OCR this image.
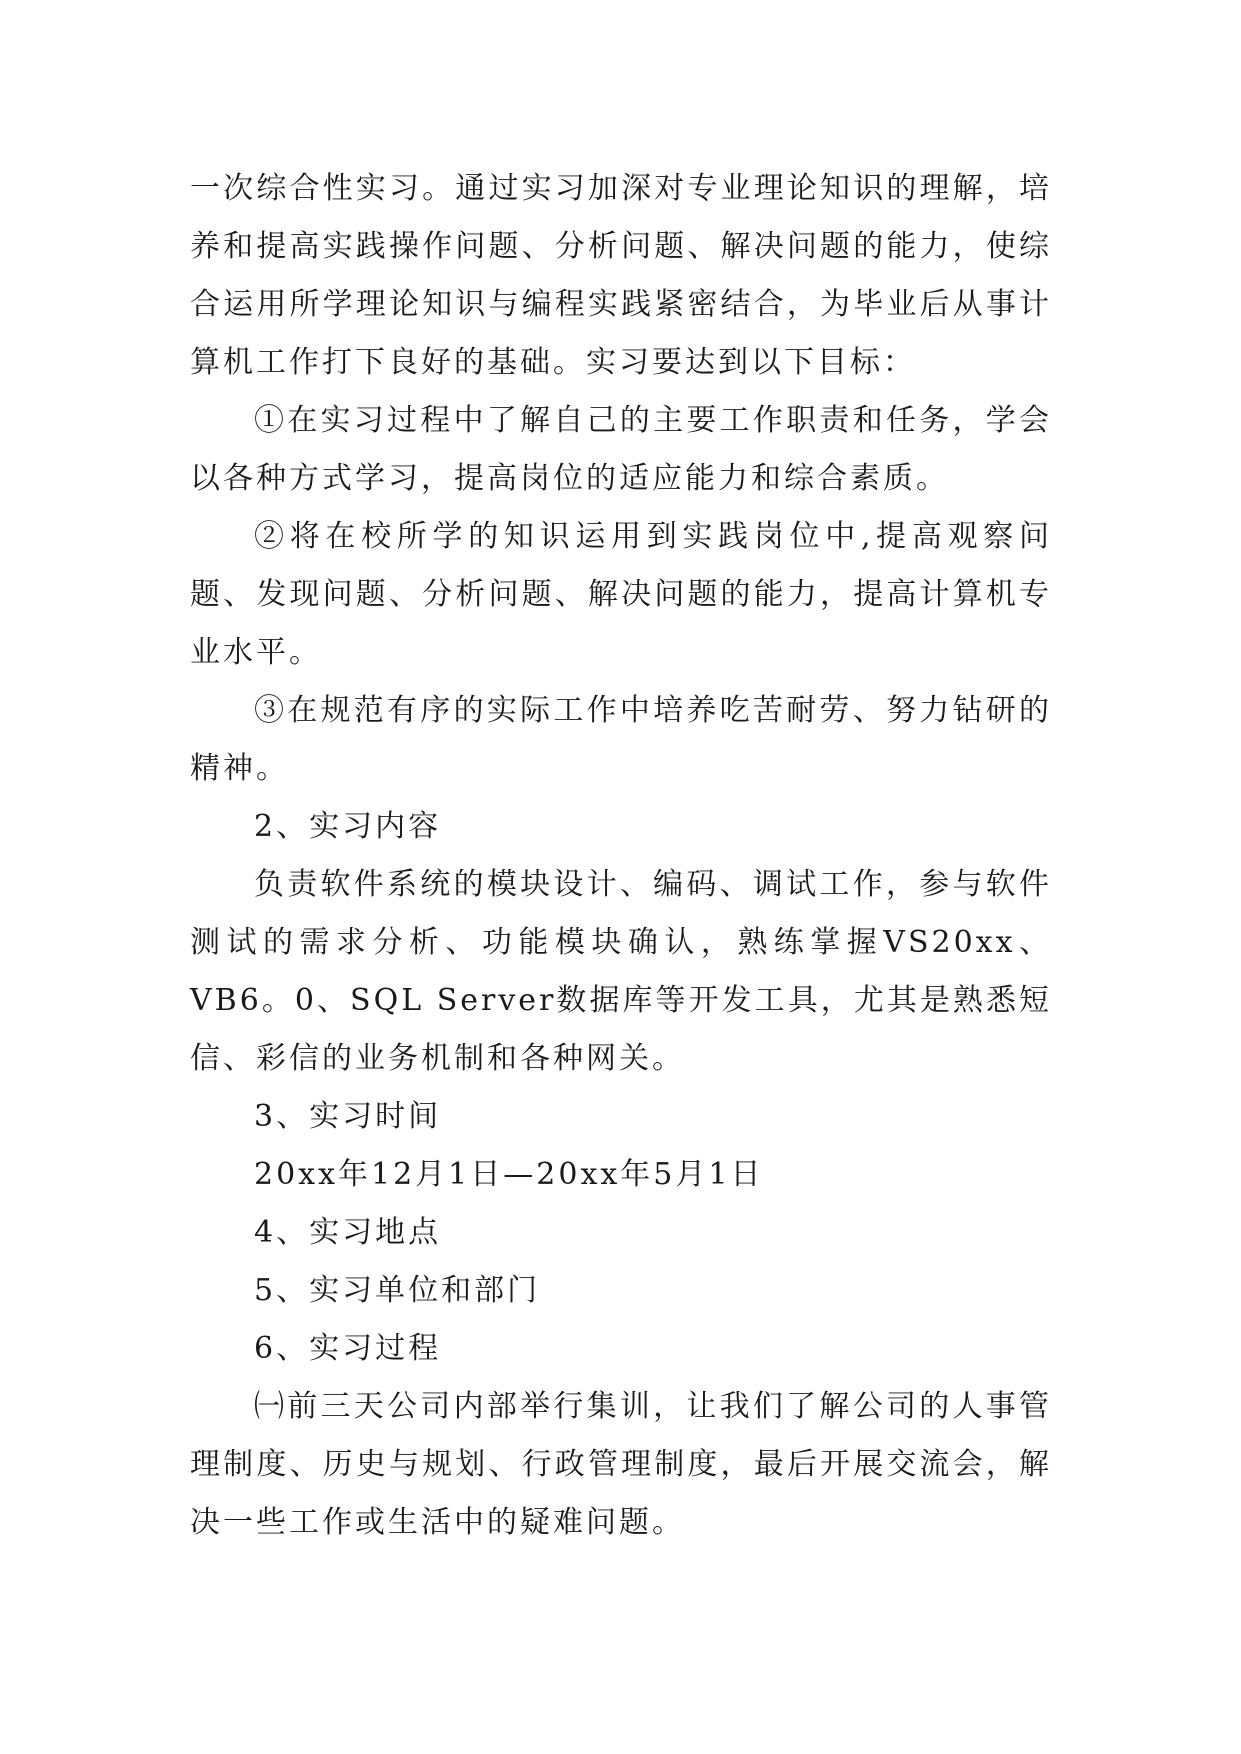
一次综合性实习。通过实习加深对专业理论知识的理解，培养和提高实践操作问题、分析问题、解决问题的能力，使综合运用所学理论知识与编程实践紧密结合，为毕业后从事计算机工作打下良好的基础。实习要达到以下目标：

①在实习过程中了解自己的主要工作职责和任务，学会以各种方式学习，提高岗位的适应能力和综合素质。

②将在校所学的知识运用到实践岗位中,提高观察问题、发现问题、分析问题、解决问题的能力，提高计算机专业水平。

③在规范有序的实际工作中培养吃苦耐劳、努力钻研的精神。

2、实习内容

负责软件系统的模块设计、编码、调试工作，参与软件测试的需求分析、功能模块确认，熟练掌握VS20xx、VB6。0、SQL Server数据库等开发工具，尤其是熟悉短信、彩信的业务机制和各种网关。

3、实习时间

20xx年12月1日—20xx年5月1日

4、实习地点

5、实习单位和部门

6、实习过程

㈠前三天公司内部举行集训，让我们了解公司的人事管理制度、历史与规划、行政管理制度，最后开展交流会，解决一些工作或生活中的疑难问题。
